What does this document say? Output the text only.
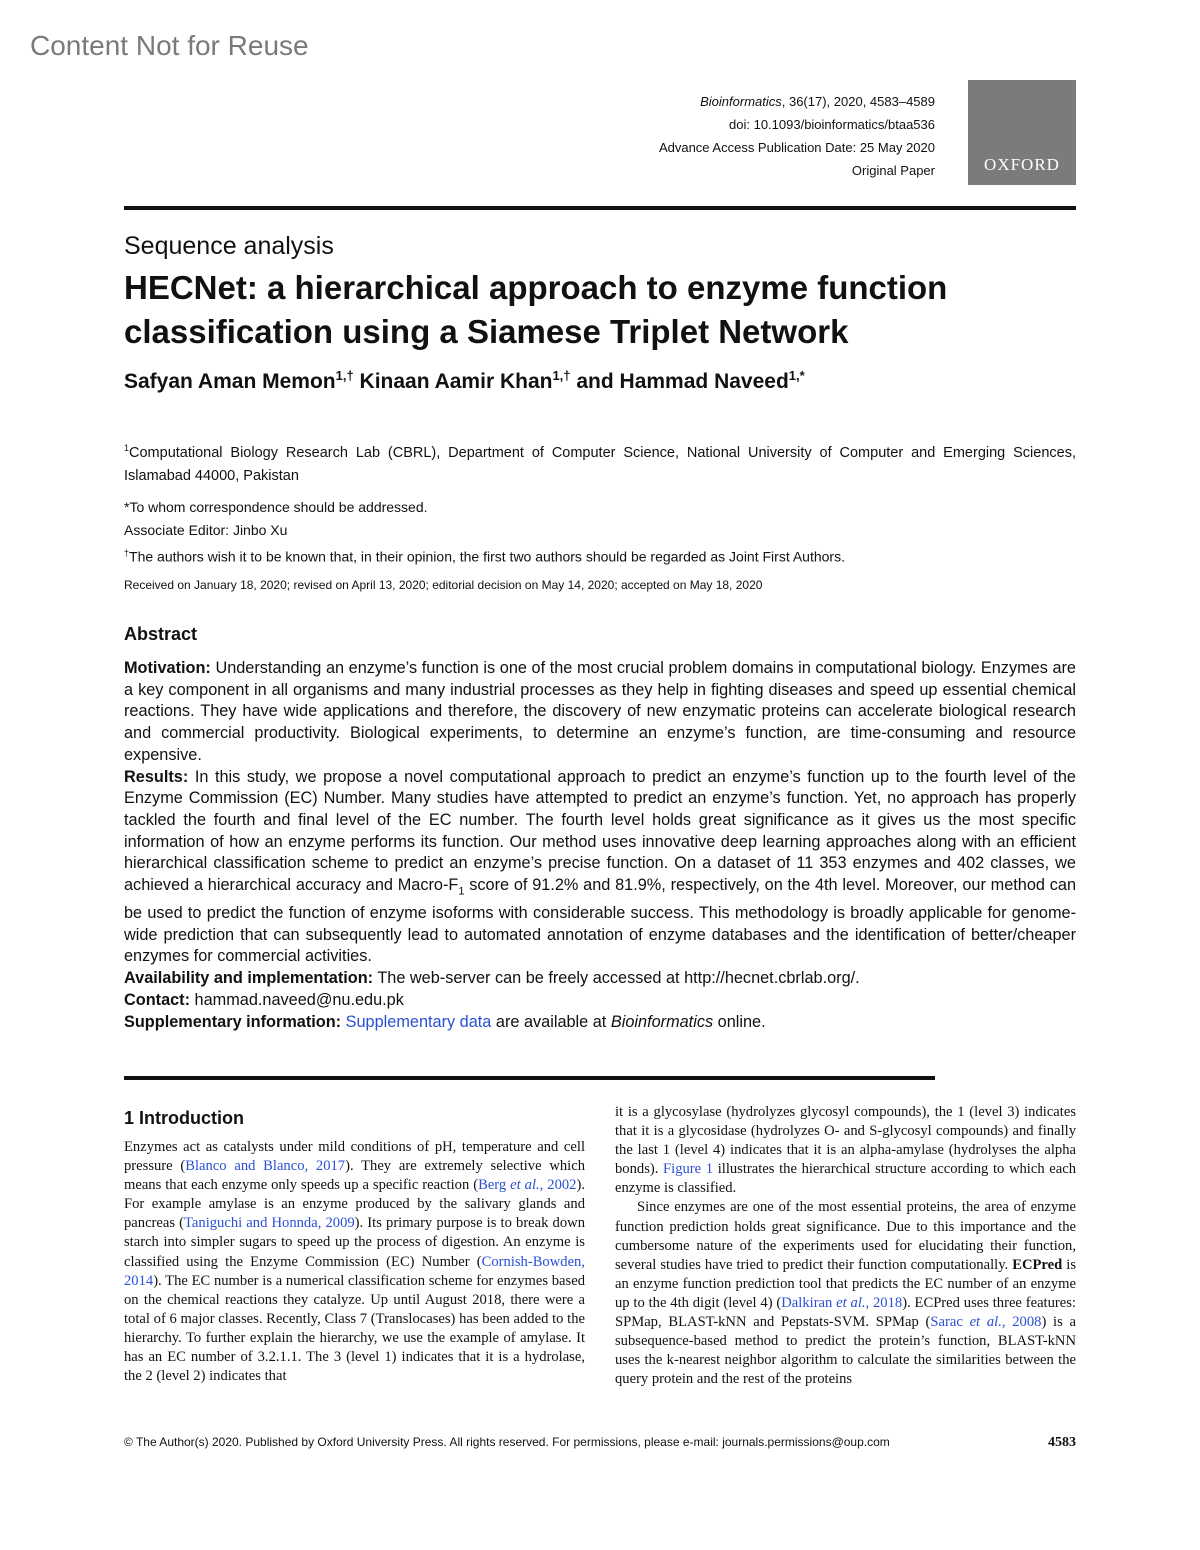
Content Not for Reuse
Bioinformatics, 36(17), 2020, 4583–4589
doi: 10.1093/bioinformatics/btaa536
Advance Access Publication Date: 25 May 2020
Original Paper	OXFORD
Sequence analysis
HECNet: a hierarchical approach to enzyme function classification using a Siamese Triplet Network
Safyan Aman Memon$^{1,\dagger}$ Kinaan Aamir Khan$^{1,\dagger}$ and Hammad Naveed$^{1,*}$
$^1$Computational Biology Research Lab (CBRL), Department of Computer Science, National University of Computer and Emerging Sciences, Islamabad 44000, Pakistan
*To whom correspondence should be addressed.
Associate Editor: Jinbo Xu
†The authors wish it to be known that, in their opinion, the first two authors should be regarded as Joint First Authors.
Received on January 18, 2020; revised on April 13, 2020; editorial decision on May 14, 2020; accepted on May 18, 2020
Abstract

Motivation: Understanding an enzyme’s function is one of the most crucial problem domains in computational biology. Enzymes are a key component in all organisms and many industrial processes as they help in fighting diseases and speed up essential chemical reactions. They have wide applications and therefore, the discovery of new enzymatic proteins can accelerate biological research and commercial productivity. Biological experiments, to determine an enzyme’s function, are time-consuming and resource expensive.

Results: In this study, we propose a novel computational approach to predict an enzyme’s function up to the fourth level of the Enzyme Commission (EC) Number. Many studies have attempted to predict an enzyme’s function. Yet, no approach has properly tackled the fourth and final level of the EC number. The fourth level holds great significance as it gives us the most specific information of how an enzyme performs its function. Our method uses innovative deep learning approaches along with an efficient hierarchical classification scheme to predict an enzyme’s precise function. On a dataset of 11 353 enzymes and 402 classes, we achieved a hierarchical accuracy and Macro-$F_1$ score of 91.2% and 81.9%, respectively, on the 4th level. Moreover, our method can be used to predict the function of enzyme isoforms with considerable success. This methodology is broadly applicable for genome-wide prediction that can subsequently lead to automated annotation of enzyme databases and the identification of better/cheaper enzymes for commercial activities.

Availability and implementation: The web-server can be freely accessed at http://hecnet.cbrlab.org/.

Contact: hammad.naveed@nu.edu.pk

Supplementary information: Supplementary data are available at Bioinformatics online.

1 Introduction

Enzymes act as catalysts under mild conditions of pH, temperature and cell pressure (Blanco and Blanco, 2017). They are extremely selective which means that each enzyme only speeds up a specific reaction (Berg et al., 2002). For example amylase is an enzyme produced by the salivary glands and pancreas (Taniguchi and Honnda, 2009). Its primary purpose is to break down starch into simpler sugars to speed up the process of digestion. An enzyme is classified using the Enzyme Commission (EC) Number (Cornish-Bowden, 2014). The EC number is a numerical classification scheme for enzymes based on the chemical reactions they catalyze. Up until August 2018, there were a total of 6 major classes. Recently, Class 7 (Translocases) has been added to the hierarchy. To further explain the hierarchy, we use the example of amylase. It has an EC number of 3.2.1.1. The 3 (level 1) indicates that it is a hydrolase, the 2 (level 2) indicates that

it is a glycosylase (hydrolyzes glycosyl compounds), the 1 (level 3) indicates that it is a glycosidase (hydrolyzes O- and S-glycosyl compounds) and finally the last 1 (level 4) indicates that it is an alpha-amylase (hydrolyses the alpha bonds). Figure 1 illustrates the hierarchical structure according to which each enzyme is classified.

Since enzymes are one of the most essential proteins, the area of enzyme function prediction holds great significance. Due to this importance and the cumbersome nature of the experiments used for elucidating their function, several studies have tried to predict their function computationally. ECPred is an enzyme function prediction tool that predicts the EC number of an enzyme up to the 4th digit (level 4) (Dalkiran et al., 2018). ECPred uses three features: SPMap, BLAST-kNN and Pepstats-SVM. SPMap (Sarac et al., 2008) is a subsequence-based method to predict the protein’s function, BLAST-kNN uses the k-nearest neighbor algorithm to calculate the similarities between the query protein and the rest of the proteins

© The Author(s) 2020. Published by Oxford University Press. All rights reserved. For permissions, please e-mail: journals.permissions@oup.com	4583
